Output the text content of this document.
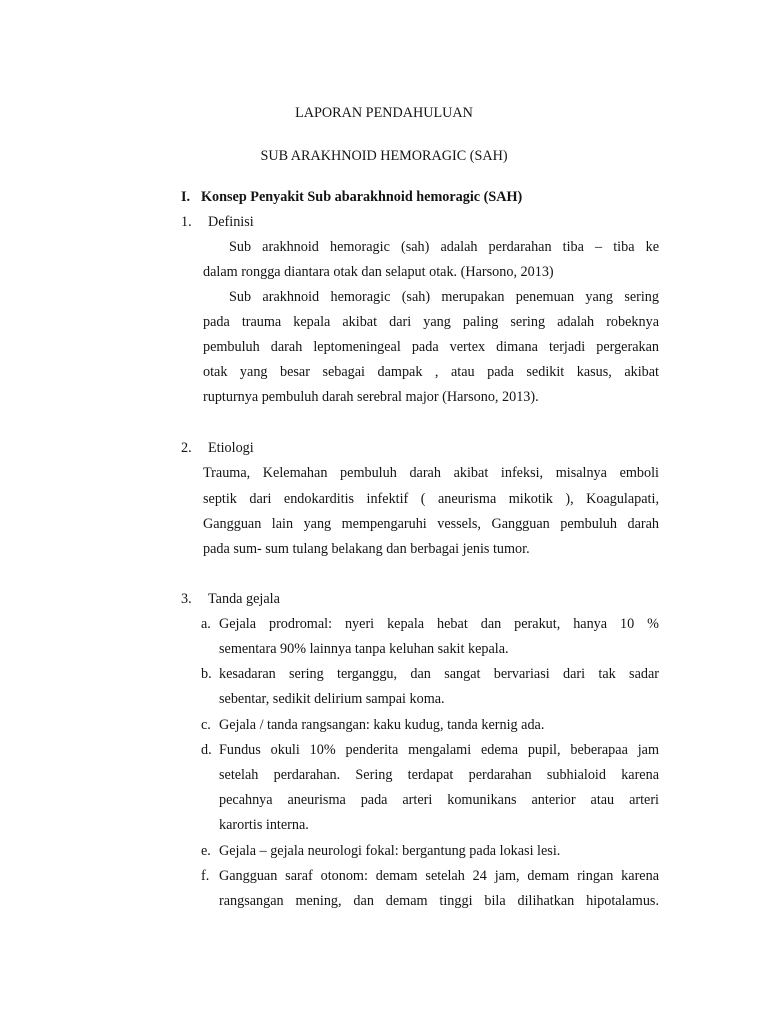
LAPORAN PENDAHULUAN
SUB ARAKHNOID HEMORAGIC (SAH)
I. Konsep Penyakit Sub abarakhnoid hemoragic (SAH)
1. Definisi
Sub arakhnoid hemoragic (sah) adalah perdarahan tiba – tiba ke
dalam rongga diantara otak dan selaput otak. (Harsono, 2013)
Sub arakhnoid hemoragic (sah) merupakan penemuan yang sering
pada trauma kepala akibat dari yang paling sering adalah robeknya
pembuluh darah leptomeningeal pada vertex dimana terjadi pergerakan
otak yang besar sebagai dampak , atau pada sedikit kasus, akibat
rupturnya pembuluh darah serebral major (Harsono, 2013).
2. Etiologi
Trauma, Kelemahan pembuluh darah akibat infeksi, misalnya emboli
septik dari endokarditis infektif ( aneurisma mikotik ), Koagulapati,
Gangguan lain yang mempengaruhi vessels, Gangguan pembuluh darah
pada sum- sum tulang belakang dan berbagai jenis tumor.
3. Tanda gejala
a. Gejala prodromal: nyeri kepala hebat dan perakut, hanya 10 %
sementara 90% lainnya tanpa keluhan sakit kepala.
b. kesadaran sering terganggu, dan sangat bervariasi dari tak sadar
sebentar, sedikit delirium sampai koma.
c. Gejala / tanda rangsangan: kaku kudug, tanda kernig ada.
d. Fundus okuli 10% penderita mengalami edema pupil, beberapaa jam
setelah perdarahan. Sering terdapat perdarahan subhialoid karena
pecahnya aneurisma pada arteri komunikans anterior atau arteri
karortis interna.
e. Gejala – gejala neurologi fokal: bergantung pada lokasi lesi.
f. Gangguan saraf otonom: demam setelah 24 jam, demam ringan karena
rangsangan mening, dan demam tinggi bila dilihatkan hipotalamus.
